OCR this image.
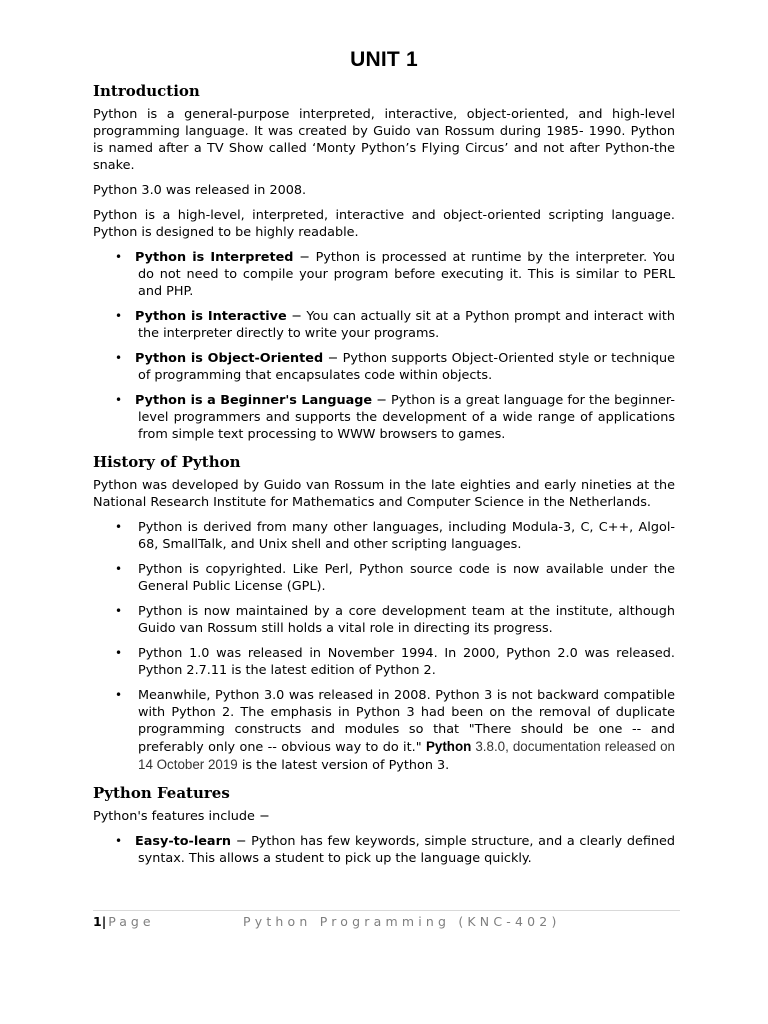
UNIT 1
Introduction

Python is a general-purpose interpreted, interactive, object-oriented, and high-level programming language. It was created by Guido van Rossum during 1985- 1990. Python is named after a TV Show called ‘Monty Python’s Flying Circus’ and not after Python-the snake.

Python 3.0 was released in 2008.

Python is a high-level, interpreted, interactive and object-oriented scripting language. Python is designed to be highly readable.

• Python is Interpreted − Python is processed at runtime by the interpreter. You do not need to compile your program before executing it. This is similar to PERL and PHP.
• Python is Interactive − You can actually sit at a Python prompt and interact with the interpreter directly to write your programs.
• Python is Object-Oriented − Python supports Object-Oriented style or technique of programming that encapsulates code within objects.
• Python is a Beginner's Language − Python is a great language for the beginner-level programmers and supports the development of a wide range of applications from simple text processing to WWW browsers to games.
History of Python

Python was developed by Guido van Rossum in the late eighties and early nineties at the National Research Institute for Mathematics and Computer Science in the Netherlands.

• Python is derived from many other languages, including Modula-3, C, C++, Algol-68, SmallTalk, and Unix shell and other scripting languages.
• Python is copyrighted. Like Perl, Python source code is now available under the General Public License (GPL).
• Python is now maintained by a core development team at the institute, although Guido van Rossum still holds a vital role in directing its progress.
• Python 1.0 was released in November 1994. In 2000, Python 2.0 was released. Python 2.7.11 is the latest edition of Python 2.
• Meanwhile, Python 3.0 was released in 2008. Python 3 is not backward compatible with Python 2. The emphasis in Python 3 had been on the removal of duplicate programming constructs and modules so that "There should be one -- and preferably only one -- obvious way to do it." Python 3.8.0, documentation released on 14 October 2019 is the latest version of Python 3.
Python Features

Python's features include −

• Easy-to-learn − Python has few keywords, simple structure, and a clearly defined syntax. This allows a student to pick up the language quickly.
1| Page	Python Programming (KNC-402)
